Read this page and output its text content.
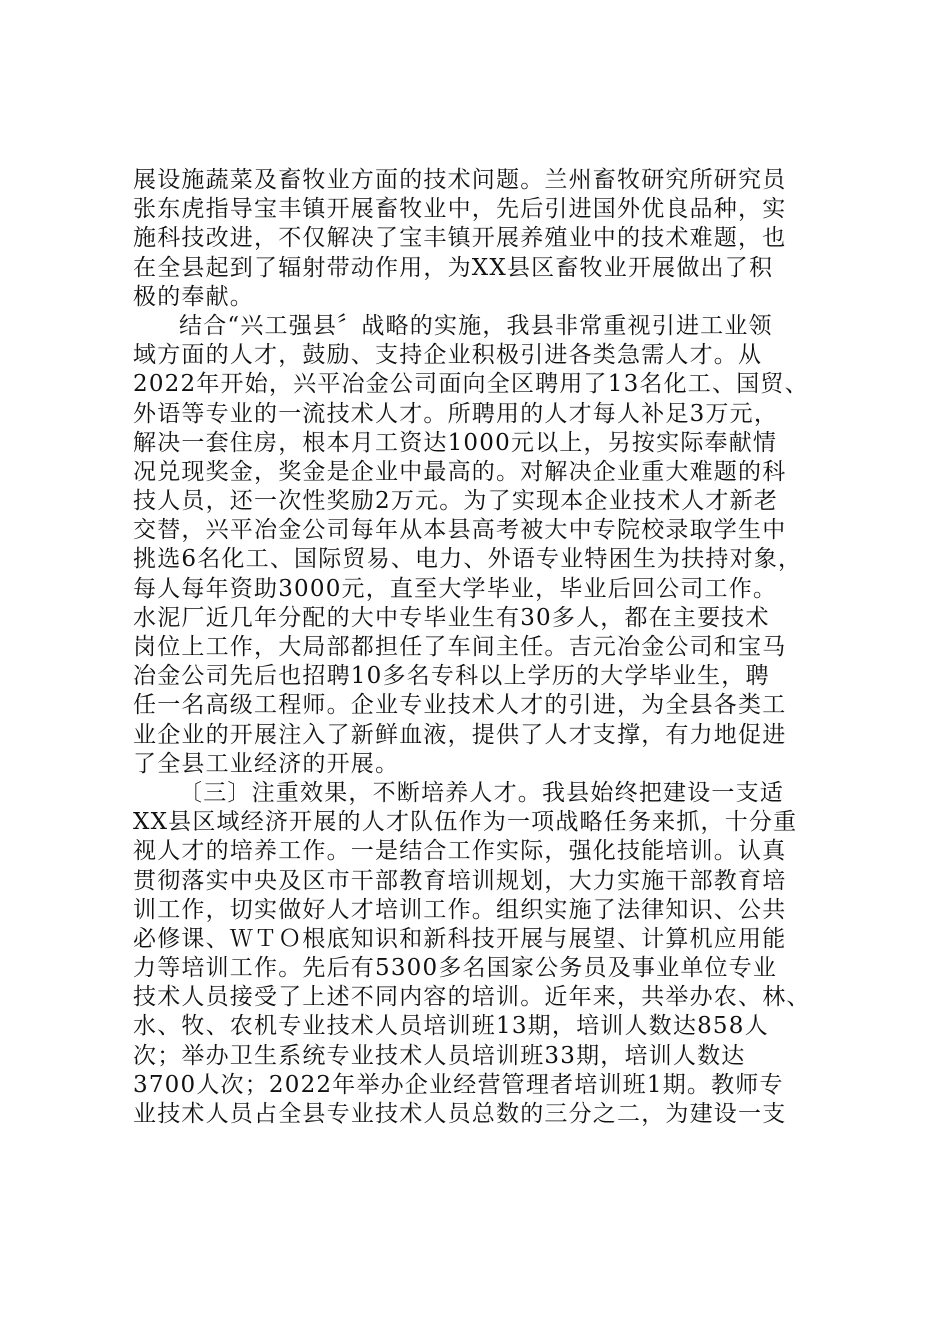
展设施蔬菜及畜牧业方面的技术问题。兰州畜牧研究所研究员
张东虎指导宝丰镇开展畜牧业中，先后引进国外优良品种，实
施科技改进，不仅解决了宝丰镇开展养殖业中的技术难题，也
在全县起到了辐射带动作用，为XX县区畜牧业开展做出了积
极的奉献。
结合“兴工强县〞战略的实施，我县非常重视引进工业领
域方面的人才，鼓励、支持企业积极引进各类急需人才。从
2022年开始，兴平冶金公司面向全区聘用了13名化工、国贸、
外语等专业的一流技术人才。所聘用的人才每人补足3万元，
解决一套住房，根本月工资达1000元以上，另按实际奉献情
况兑现奖金，奖金是企业中最高的。对解决企业重大难题的科
技人员，还一次性奖励2万元。为了实现本企业技术人才新老
交替，兴平冶金公司每年从本县高考被大中专院校录取学生中
挑选6名化工、国际贸易、电力、外语专业特困生为扶持对象，
每人每年资助3000元，直至大学毕业，毕业后回公司工作。
水泥厂近几年分配的大中专毕业生有30多人，都在主要技术
岗位上工作，大局部都担任了车间主任。吉元冶金公司和宝马
冶金公司先后也招聘10多名专科以上学历的大学毕业生，聘
任一名高级工程师。企业专业技术人才的引进，为全县各类工
业企业的开展注入了新鲜血液，提供了人才支撑，有力地促进
了全县工业经济的开展。
〔三〕注重效果，不断培养人才。我县始终把建设一支适
XX县区域经济开展的人才队伍作为一项战略任务来抓，十分重
视人才的培养工作。一是结合工作实际，强化技能培训。认真
贯彻落实中央及区市干部教育培训规划，大力实施干部教育培
训工作，切实做好人才培训工作。组织实施了法律知识、公共
必修课、ＷＴＯ根底知识和新科技开展与展望、计算机应用能
力等培训工作。先后有5300多名国家公务员及事业单位专业
技术人员接受了上述不同内容的培训。近年来，共举办农、林、
水、牧、农机专业技术人员培训班13期，培训人数达858人
次；举办卫生系统专业技术人员培训班33期，培训人数达
3700人次；2022年举办企业经营管理者培训班1期。教师专
业技术人员占全县专业技术人员总数的三分之二，为建设一支
